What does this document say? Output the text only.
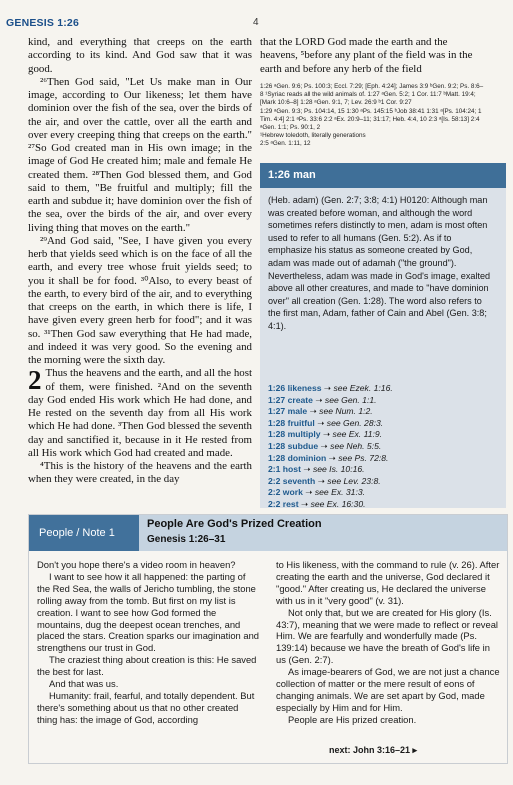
GENESIS 1:26	4

kind, and everything that creeps on the earth according to its kind. And God saw that it was good.

²⁶Then God said, "Let Us make man in Our image, according to Our likeness; let them have dominion over the fish of the sea, over the birds of the air, and over the cattle, over all the earth and over every creeping thing that creeps on the earth." ²⁷So God created man in His own image; in the image of God He created him; male and female He created them. ²⁸Then God blessed them, and God said to them, "Be fruitful and multiply; fill the earth and subdue it; have dominion over the fish of the sea, over the birds of the air, and over every living thing that moves on the earth."

²⁹And God said, "See, I have given you every herb that yields seed which is on the face of all the earth, and every tree whose fruit yields seed; to you it shall be for food. ³⁰Also, to every beast of the earth, to every bird of the air, and to everything that creeps on the earth, in which there is life, I have given every green herb for food"; and it was so. ³¹Then God saw everything that He had made, and indeed it was very good. So the evening and the morning were the sixth day.

2 Thus the heavens and the earth, and all the host of them, were finished. ²And on the seventh day God ended His work which He had done, and He rested on the seventh day from all His work which He had done. ³Then God blessed the seventh day and sanctified it, because in it He rested from all His work which God had created and made.

⁴This is the history of the heavens and the earth when they were created, in the day

that the LORD God made the earth and the heavens, ⁵before any plant of the field was in the earth and before any herb of the field

1:26 ᵃGen. 9:6; Ps. 100:3; Eccl. 7:29; [Eph. 4:24]; James 3:9 ᵇGen. 9:2; Ps. 8:6–8 ¹Syriac reads all the wild animals of. 1:27 ᵃGen. 5:2; 1 Cor. 11:7 ᵇMatt. 19:4; [Mark 10:6–8] 1:28 ᵃGen. 9:1, 7; Lev. 26:9 ᵇ1 Cor. 9:27

1:29 ᵃGen. 9:3; Ps. 104:14, 15 1:30 ᵃPs. 145:15 ᵇJob 38:41 1:31 ᵃ[Ps. 104:24; 1 Tim. 4:4] 2:1 ᵃPs. 33:6 2:2 ᵃEx. 20:9–11; 31:17; Heb. 4:4, 10 2:3 ᵃ[Is. 58:13] 2:4 ᵃGen. 1:1; Ps. 90:1, 2

¹Hebrew toledoth, literally generations

2:5 ᵃGen. 1:11, 12

1:26 man

(Heb. adam) (Gen. 2:7; 3:8; 4:1) H0120: Although man was created before woman, and although the word sometimes refers distinctly to men, adam is most often used to refer to all humans (Gen. 5:2). As if to emphasize his status as someone created by God, adam was made out of adamah ("the ground"). Nevertheless, adam was made in God's image, exalted above all other creatures, and made to "have dominion over" all creation (Gen. 1:28). The word also refers to the first man, Adam, father of Cain and Abel (Gen. 3:8; 4:1).

1:26 likeness ➝ see Ezek. 1:16.
1:27 create ➝ see Gen. 1:1.
1:27 male ➝ see Num. 1:2.
1:28 fruitful ➝ see Gen. 28:3.
1:28 multiply ➝ see Ex. 11:9.
1:28 subdue ➝ see Neh. 5:5.
1:28 dominion ➝ see Ps. 72:8.
2:1 host ➝ see Is. 10:16.
2:2 seventh ➝ see Lev. 23:8.
2:2 work ➝ see Ex. 31:3.
2:2 rest ➝ see Ex. 16:30.
People / Note 1
People Are God's Prized Creation
Genesis 1:26–31

Don't you hope there's a video room in heaven?

I want to see how it all happened: the parting of the Red Sea, the walls of Jericho tumbling, the stone rolling away from the tomb. But first on my list is creation. I want to see how God formed the mountains, dug the deepest ocean trenches, and placed the stars. Creation sparks our imagination and strengthens our trust in God.

The craziest thing about creation is this: He saved the best for last.

And that was us.

Humanity: frail, fearful, and totally dependent. But there's something about us that no other created thing has: the image of God, according

to His likeness, with the command to rule (v. 26). After creating the earth and the universe, God declared it "good." After creating us, He declared the universe with us in it "very good" (v. 31).

Not only that, but we are created for His glory (Is. 43:7), meaning that we were made to reflect or reveal Him. We are fearfully and wonderfully made (Ps. 139:14) because we have the breath of God's life in us (Gen. 2:7).

As image-bearers of God, we are not just a chance collection of matter or the mere result of eons of changing animals. We are set apart by God, made especially by Him and for Him.

People are His prized creation.

next: John 3:16–21 ▸
